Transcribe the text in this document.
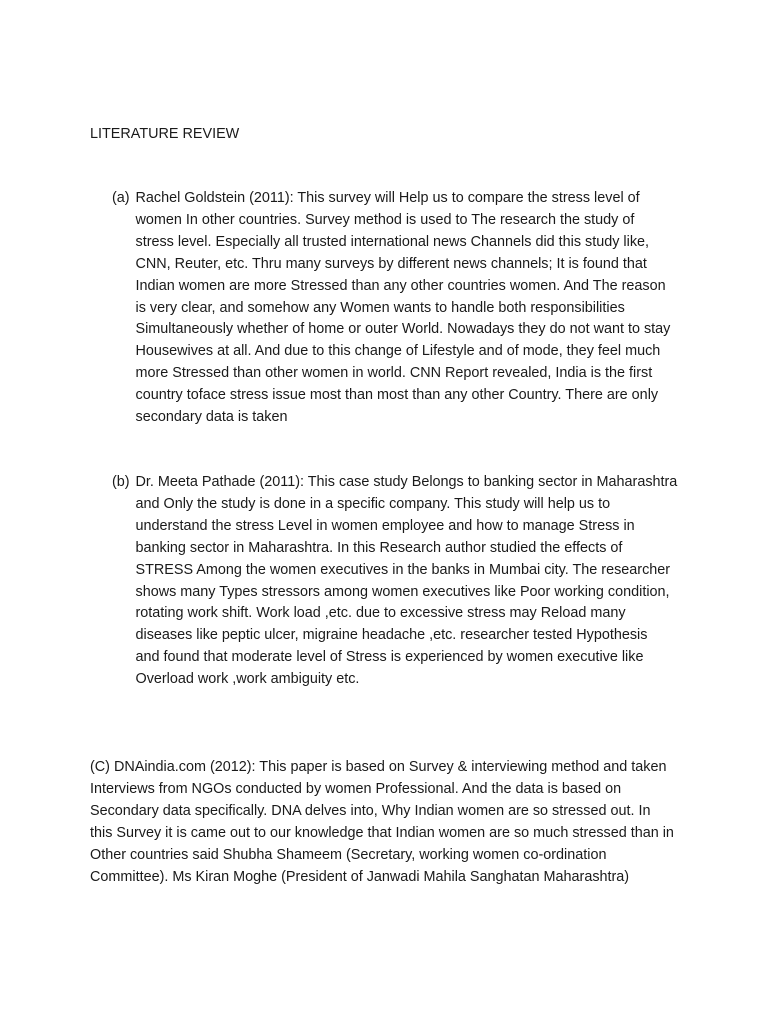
LITERATURE REVIEW
(a) Rachel Goldstein (2011): This survey will Help us to compare the stress level of
women In other countries. Survey method is used to The research the study of
stress level. Especially all trusted international news Channels did this study like,
CNN, Reuter, etc. Thru many surveys by different news channels; It is found that
Indian women are more Stressed than any other countries women. And The reason
is very clear, and somehow any Women wants to handle both responsibilities
Simultaneously whether of home or outer World. Nowadays they do not want to stay
Housewives at all. And due to this change of Lifestyle and of mode, they feel much
more Stressed than other women in world. CNN Report revealed, India is the first
country toface stress issue most than most than any other Country. There are only
secondary data is taken

(b) Dr. Meeta Pathade (2011): This case study Belongs to banking sector in Maharashtra
and Only the study is done in a specific company. This study will help us to
understand the stress Level in women employee and how to manage Stress in
banking sector in Maharashtra. In this Research author studied the effects of
STRESS Among the women executives in the banks in Mumbai city. The researcher
shows many Types stressors among women executives like Poor working condition,
rotating work shift. Work load ,etc. due to excessive stress may Reload many
diseases like peptic ulcer, migraine headache ,etc. researcher tested Hypothesis
and found that moderate level of Stress is experienced by women executive like
Overload work ,work ambiguity etc.

(C) DNAindia.com (2012): This paper is based on Survey & interviewing method and taken
Interviews from NGOs conducted by women Professional. And the data is based on
Secondary data specifically. DNA delves into, Why Indian women are so stressed out. In
this Survey it is came out to our knowledge that Indian women are so much stressed than in
Other countries said Shubha Shameem (Secretary, working women co-ordination
Committee). Ms Kiran Moghe (President of Janwadi Mahila Sanghatan Maharashtra)
